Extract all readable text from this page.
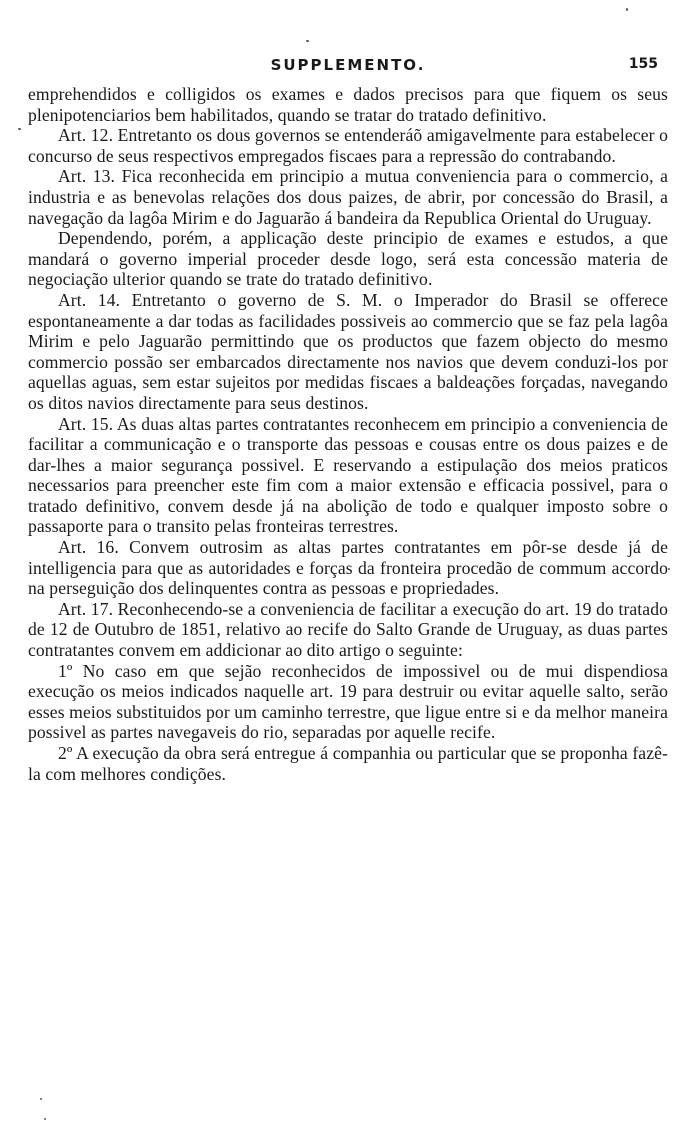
SUPPLEMENTO.	155

emprehendidos e colligidos os exames e dados precisos para que fiquem os seus plenipotenciarios bem habilitados, quando se tratar do tratado definitivo.

Art. 12. Entretanto os dous governos se entenderáõ amigavelmente para estabelecer o concurso de seus respectivos empregados fiscaes para a repressão do contrabando.

Art. 13. Fica reconhecida em principio a mutua conveniencia para o commercio, a industria e as benevolas relações dos dous paizes, de abrir, por concessão do Brasil, a navegação da lagôa Mirim e do Jaguarão á bandeira da Republica Oriental do Uruguay.

Dependendo, porém, a applicação deste principio de exames e estudos, a que mandará o governo imperial proceder desde logo, será esta concessão materia de negociação ulterior quando se trate do tratado definitivo.

Art. 14. Entretanto o governo de S. M. o Imperador do Brasil se offerece espontaneamente a dar todas as facilidades possiveis ao commercio que se faz pela lagôa Mirim e pelo Jaguarão permittindo que os productos que fazem objecto do mesmo commercio possão ser embarcados directamente nos navios que devem conduzi-los por aquellas aguas, sem estar sujeitos por medidas fiscaes a baldeações forçadas, navegando os ditos navios directamente para seus destinos.

Art. 15. As duas altas partes contratantes reconhecem em principio a conveniencia de facilitar a communicação e o transporte das pessoas e cousas entre os dous paizes e de dar-lhes a maior segurança possivel. E reservando a estipulação dos meios praticos necessarios para preencher este fim com a maior extensão e efficacia possivel, para o tratado definitivo, convem desde já na abolição de todo e qualquer imposto sobre o passaporte para o transito pelas fronteiras terrestres.

Art. 16. Convem outrosim as altas partes contratantes em pôr-se desde já de intelligencia para que as autoridades e forças da fronteira procedão de commum accordo na perseguição dos delinquentes contra as pessoas e propriedades.

Art. 17. Reconhecendo-se a conveniencia de facilitar a execução do art. 19 do tratado de 12 de Outubro de 1851, relativo ao recife do Salto Grande de Uruguay, as duas partes contratantes convem em addicionar ao dito artigo o seguinte:

1º No caso em que sejão reconhecidos de impossivel ou de mui dispendiosa execução os meios indicados naquelle art. 19 para destruir ou evitar aquelle salto, serão esses meios substituidos por um caminho terrestre, que ligue entre si e da melhor maneira possivel as partes navegaveis do rio, separadas por aquelle recife.

2º A execução da obra será entregue á companhia ou particular que se proponha fazê-la com melhores condições.
